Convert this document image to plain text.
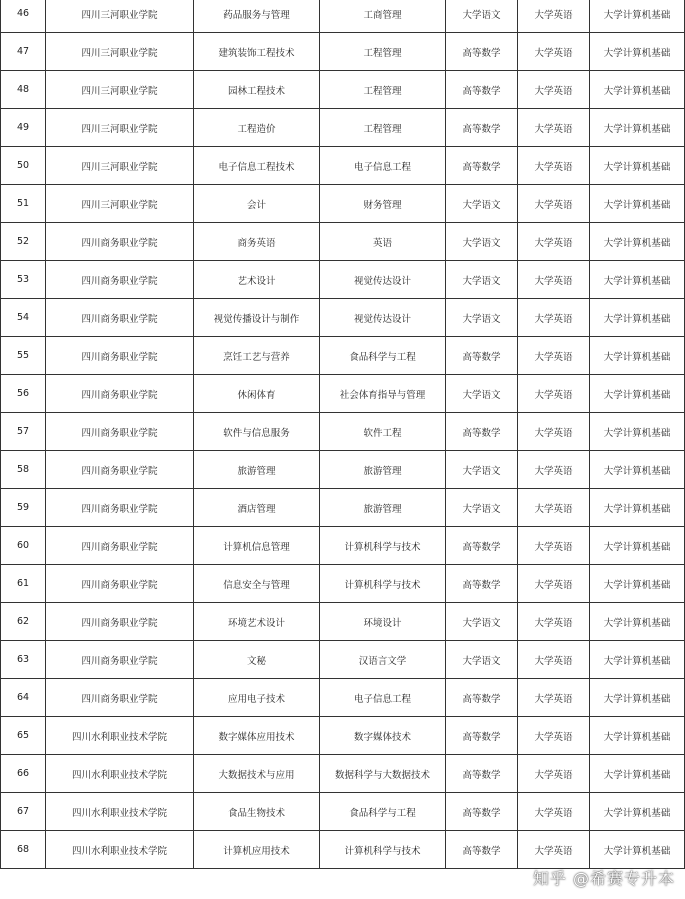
46	四川三河职业学院	药品服务与管理	工商管理	大学语文	大学英语	大学计算机基础
47	四川三河职业学院	建筑装饰工程技术	工程管理	高等数学	大学英语	大学计算机基础
48	四川三河职业学院	园林工程技术	工程管理	高等数学	大学英语	大学计算机基础
49	四川三河职业学院	工程造价	工程管理	高等数学	大学英语	大学计算机基础
50	四川三河职业学院	电子信息工程技术	电子信息工程	高等数学	大学英语	大学计算机基础
51	四川三河职业学院	会计	财务管理	大学语文	大学英语	大学计算机基础
52	四川商务职业学院	商务英语	英语	大学语文	大学英语	大学计算机基础
53	四川商务职业学院	艺术设计	视觉传达设计	大学语文	大学英语	大学计算机基础
54	四川商务职业学院	视觉传播设计与制作	视觉传达设计	大学语文	大学英语	大学计算机基础
55	四川商务职业学院	烹饪工艺与营养	食品科学与工程	高等数学	大学英语	大学计算机基础
56	四川商务职业学院	休闲体育	社会体育指导与管理	大学语文	大学英语	大学计算机基础
57	四川商务职业学院	软件与信息服务	软件工程	高等数学	大学英语	大学计算机基础
58	四川商务职业学院	旅游管理	旅游管理	大学语文	大学英语	大学计算机基础
59	四川商务职业学院	酒店管理	旅游管理	大学语文	大学英语	大学计算机基础
60	四川商务职业学院	计算机信息管理	计算机科学与技术	高等数学	大学英语	大学计算机基础
61	四川商务职业学院	信息安全与管理	计算机科学与技术	高等数学	大学英语	大学计算机基础
62	四川商务职业学院	环境艺术设计	环境设计	大学语文	大学英语	大学计算机基础
63	四川商务职业学院	文秘	汉语言文学	大学语文	大学英语	大学计算机基础
64	四川商务职业学院	应用电子技术	电子信息工程	高等数学	大学英语	大学计算机基础
65	四川水利职业技术学院	数字媒体应用技术	数字媒体技术	高等数学	大学英语	大学计算机基础
66	四川水利职业技术学院	大数据技术与应用	数据科学与大数据技术	高等数学	大学英语	大学计算机基础
67	四川水利职业技术学院	食品生物技术	食品科学与工程	高等数学	大学英语	大学计算机基础
68	四川水利职业技术学院	计算机应用技术	计算机科学与技术	高等数学	大学英语	大学计算机基础
知乎 @希赛专升本
